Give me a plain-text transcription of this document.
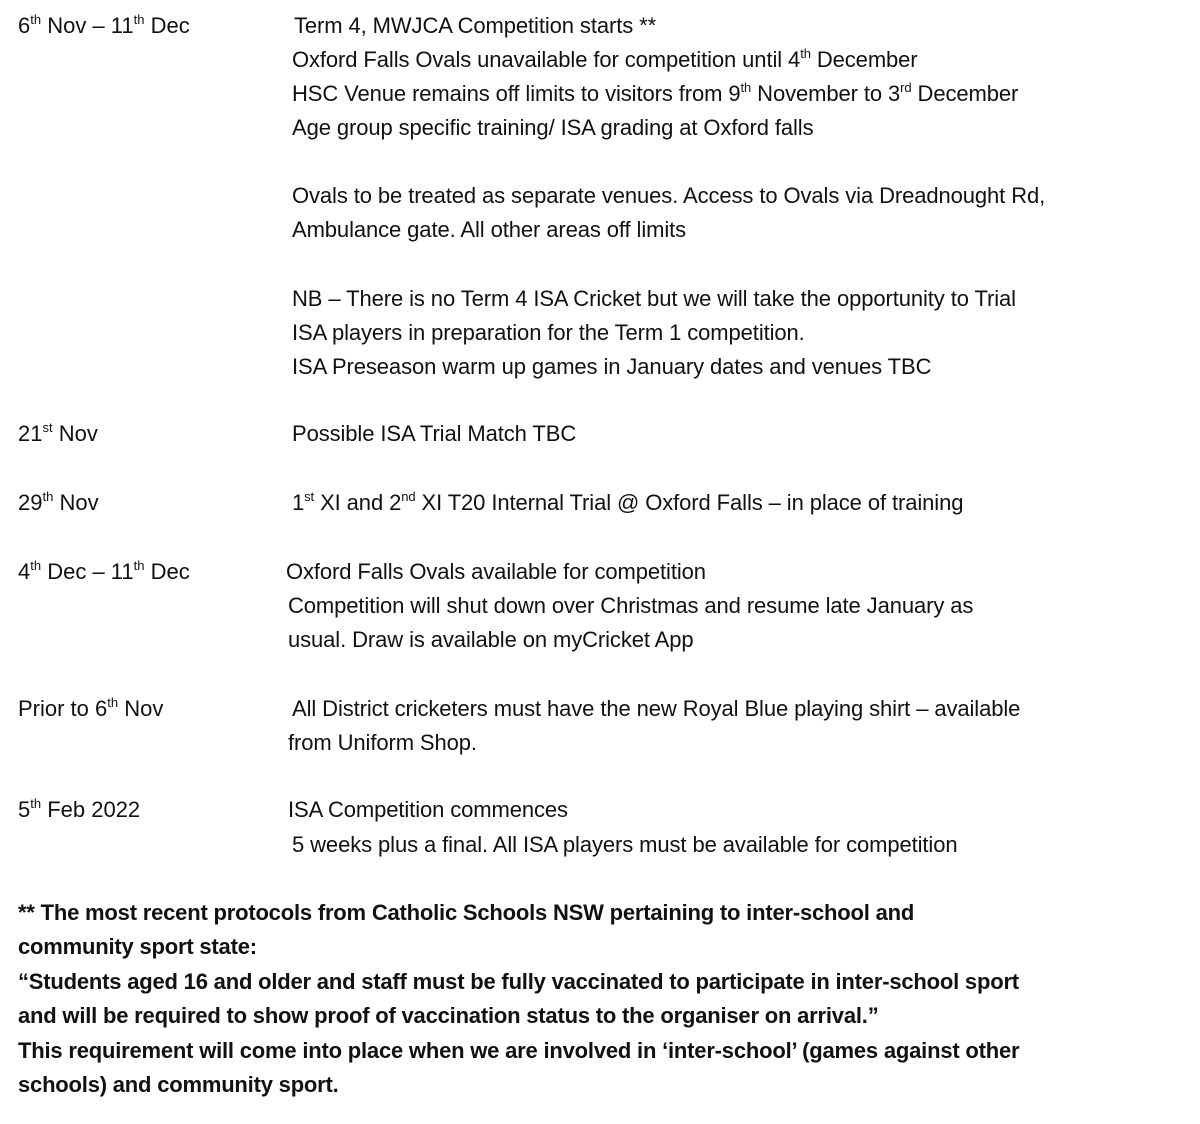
6th Nov – 11th Dec	Term 4, MWJCA Competition starts **
Oxford Falls Ovals unavailable for competition until 4th December
HSC Venue remains off limits to visitors from 9th November to 3rd December
Age group specific training/ ISA grading at Oxford falls
Ovals to be treated as separate venues. Access to Ovals via Dreadnought Rd,
Ambulance gate. All other areas off limits
NB – There is no Term 4 ISA Cricket but we will take the opportunity to Trial
ISA players in preparation for the Term 1 competition.
ISA Preseason warm up games in January dates and venues TBC
21st Nov	Possible ISA Trial Match TBC
29th Nov	1st XI and 2nd XI T20 Internal Trial @ Oxford Falls – in place of training
4th Dec – 11th Dec	Oxford Falls Ovals available for competition
Competition will shut down over Christmas and resume late January as
usual. Draw is available on myCricket App
Prior to 6th Nov	All District cricketers must have the new Royal Blue playing shirt – available
from Uniform Shop.
5th Feb 2022	ISA Competition commences
5 weeks plus a final. All ISA players must be available for competition
** The most recent protocols from Catholic Schools NSW pertaining to inter-school and
community sport state:
“Students aged 16 and older and staff must be fully vaccinated to participate in inter-school sport
and will be required to show proof of vaccination status to the organiser on arrival.”
This requirement will come into place when we are involved in ‘inter-school’ (games against other
schools) and community sport.
